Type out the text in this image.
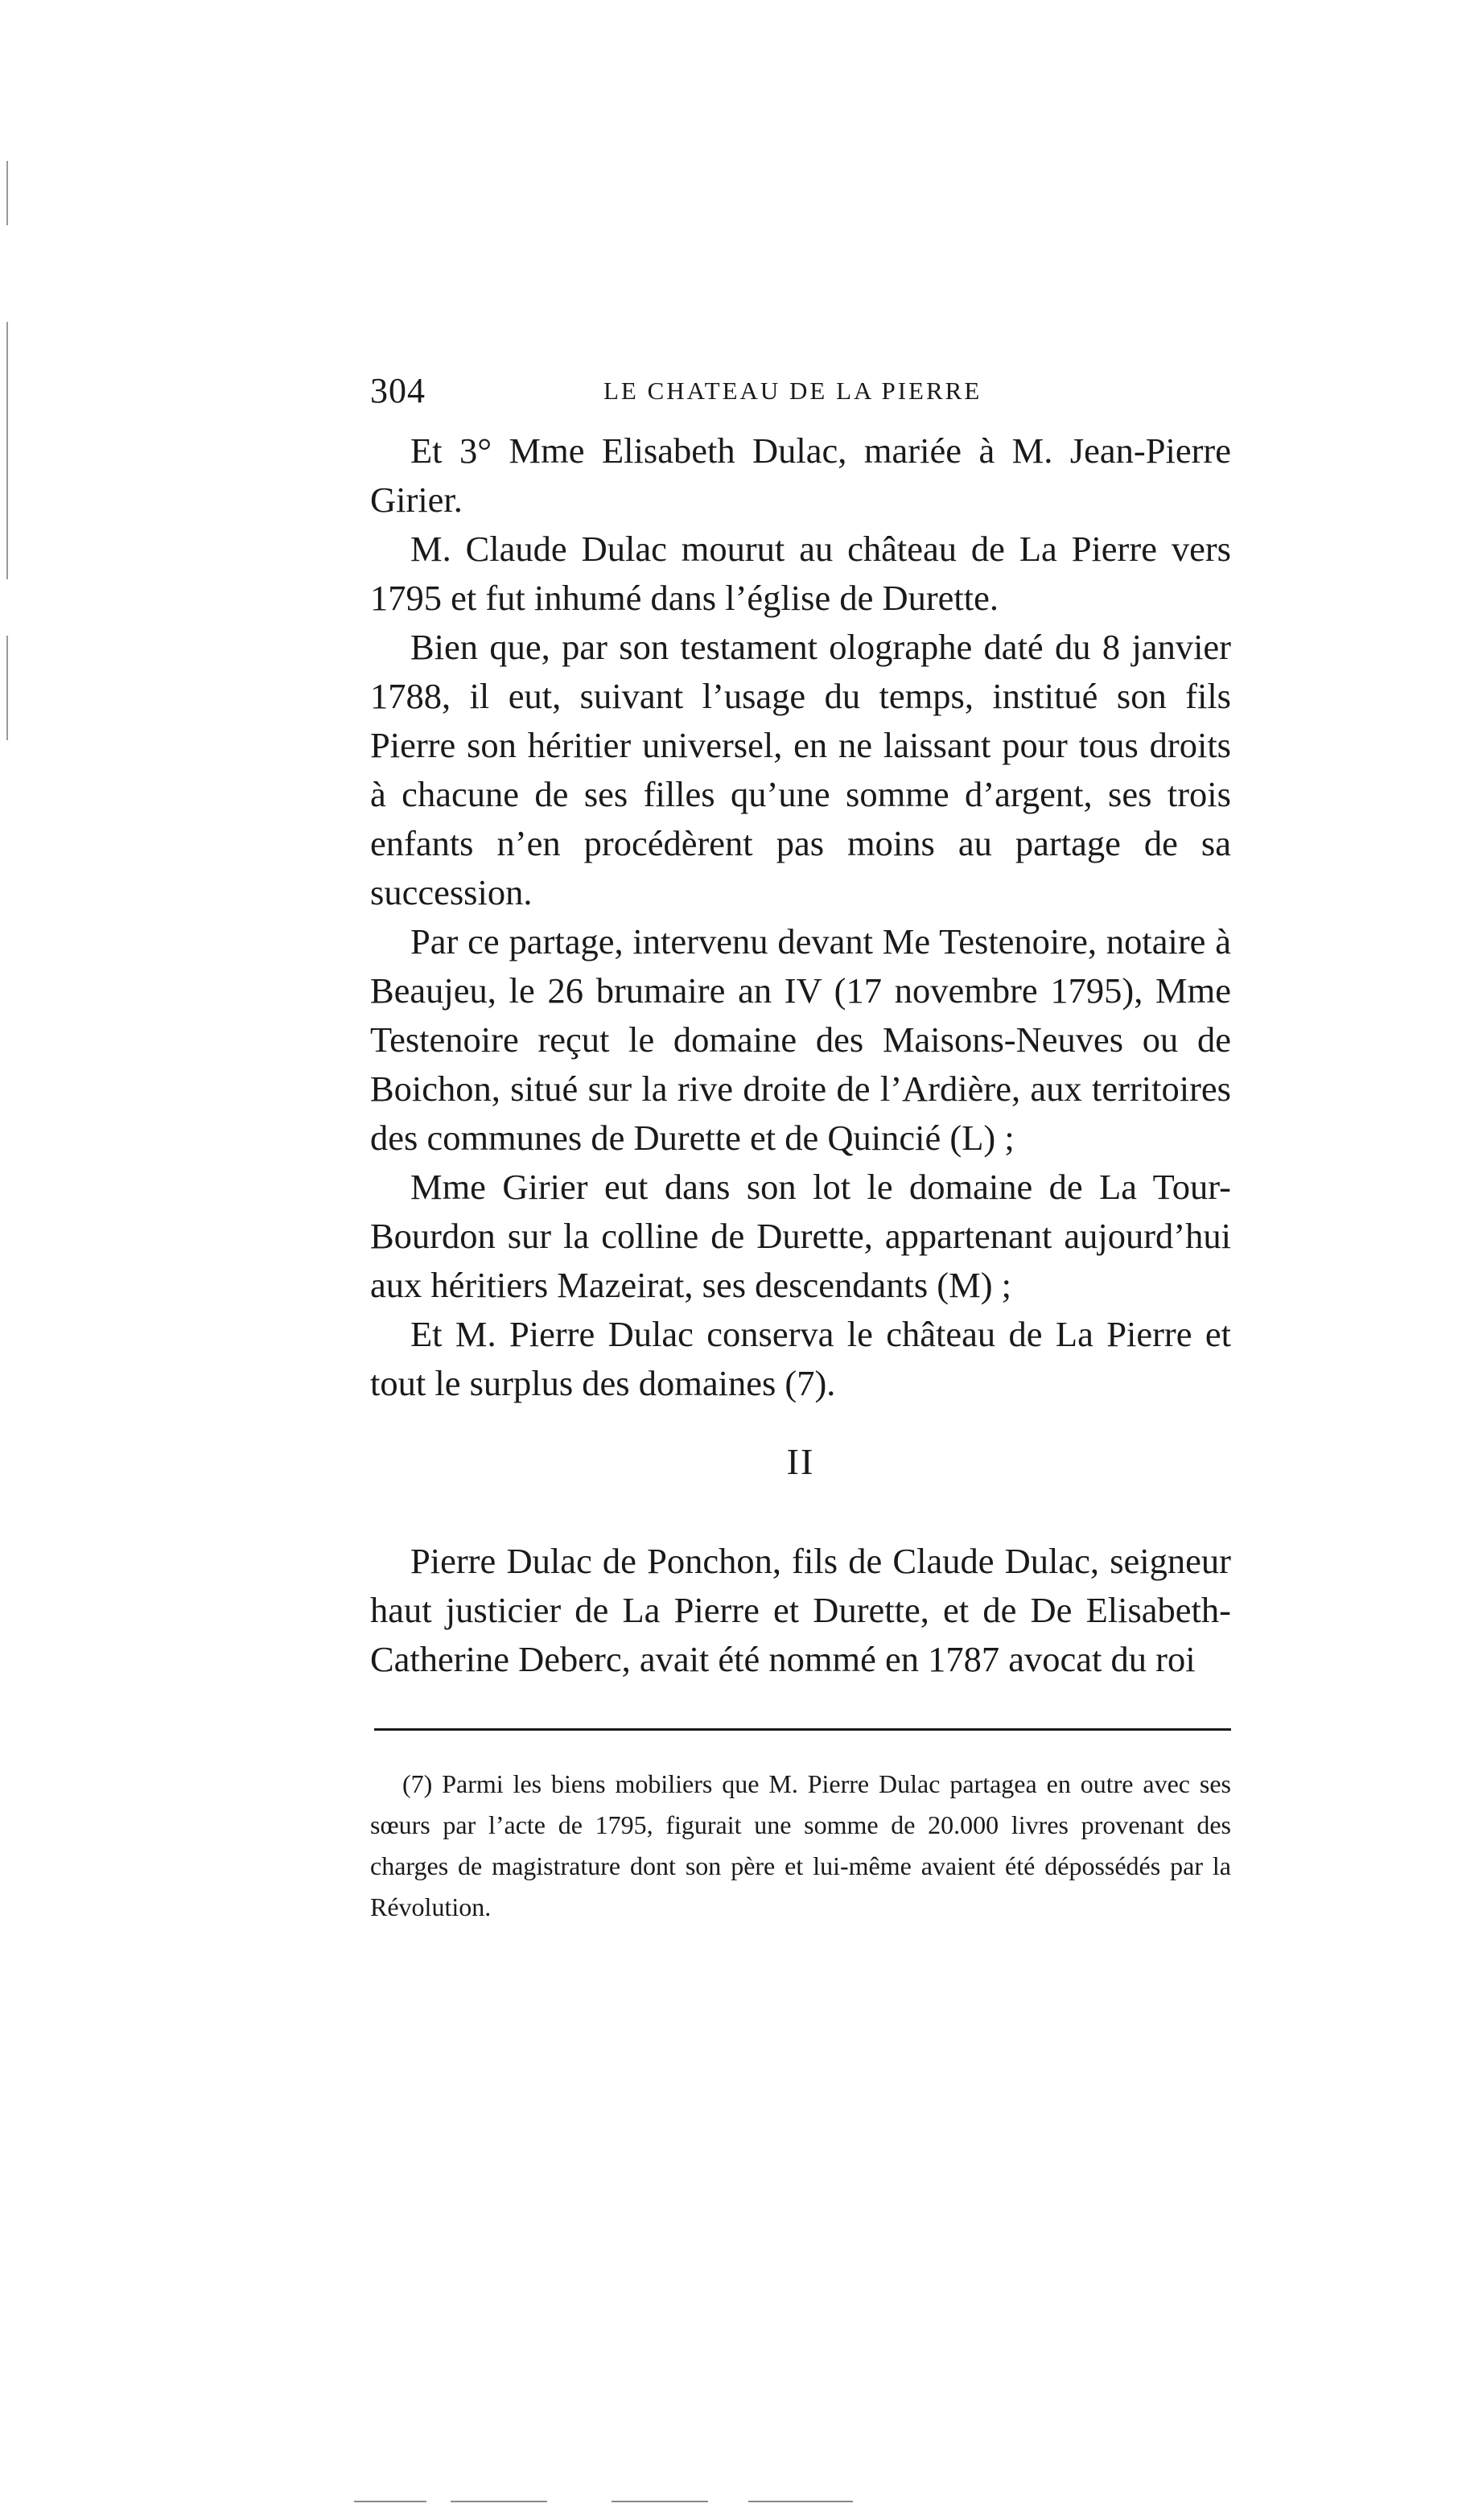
304	LE CHATEAU DE LA PIERRE

Et 3° Mme Elisabeth Dulac, mariée à M. Jean-Pierre Girier.

M. Claude Dulac mourut au château de La Pierre vers 1795 et fut inhumé dans l’église de Durette.

Bien que, par son testament olographe daté du 8 janvier 1788, il eut, suivant l’usage du temps, institué son fils Pierre son héritier universel, en ne laissant pour tous droits à chacune de ses filles qu’une somme d’argent, ses trois enfants n’en procédèrent pas moins au partage de sa succession.

Par ce partage, intervenu devant Me Testenoire, notaire à Beaujeu, le 26 brumaire an IV (17 novembre 1795), Mme Testenoire reçut le domaine des Maisons-Neuves ou de Boichon, situé sur la rive droite de l’Ardière, aux territoires des communes de Durette et de Quincié (L) ;

Mme Girier eut dans son lot le domaine de La Tour-Bourdon sur la colline de Durette, appartenant aujourd’hui aux héritiers Mazeirat, ses descendants (M) ;

Et M. Pierre Dulac conserva le château de La Pierre et tout le surplus des domaines (7).

II

Pierre Dulac de Ponchon, fils de Claude Dulac, seigneur haut justicier de La Pierre et Durette, et de De Elisabeth-Catherine Deberc, avait été nommé en 1787 avocat du roi

(7) Parmi les biens mobiliers que M. Pierre Dulac partagea en outre avec ses sœurs par l’acte de 1795, figurait une somme de 20.000 livres provenant des charges de magistrature dont son père et lui-même avaient été dépossédés par la Révolution.
